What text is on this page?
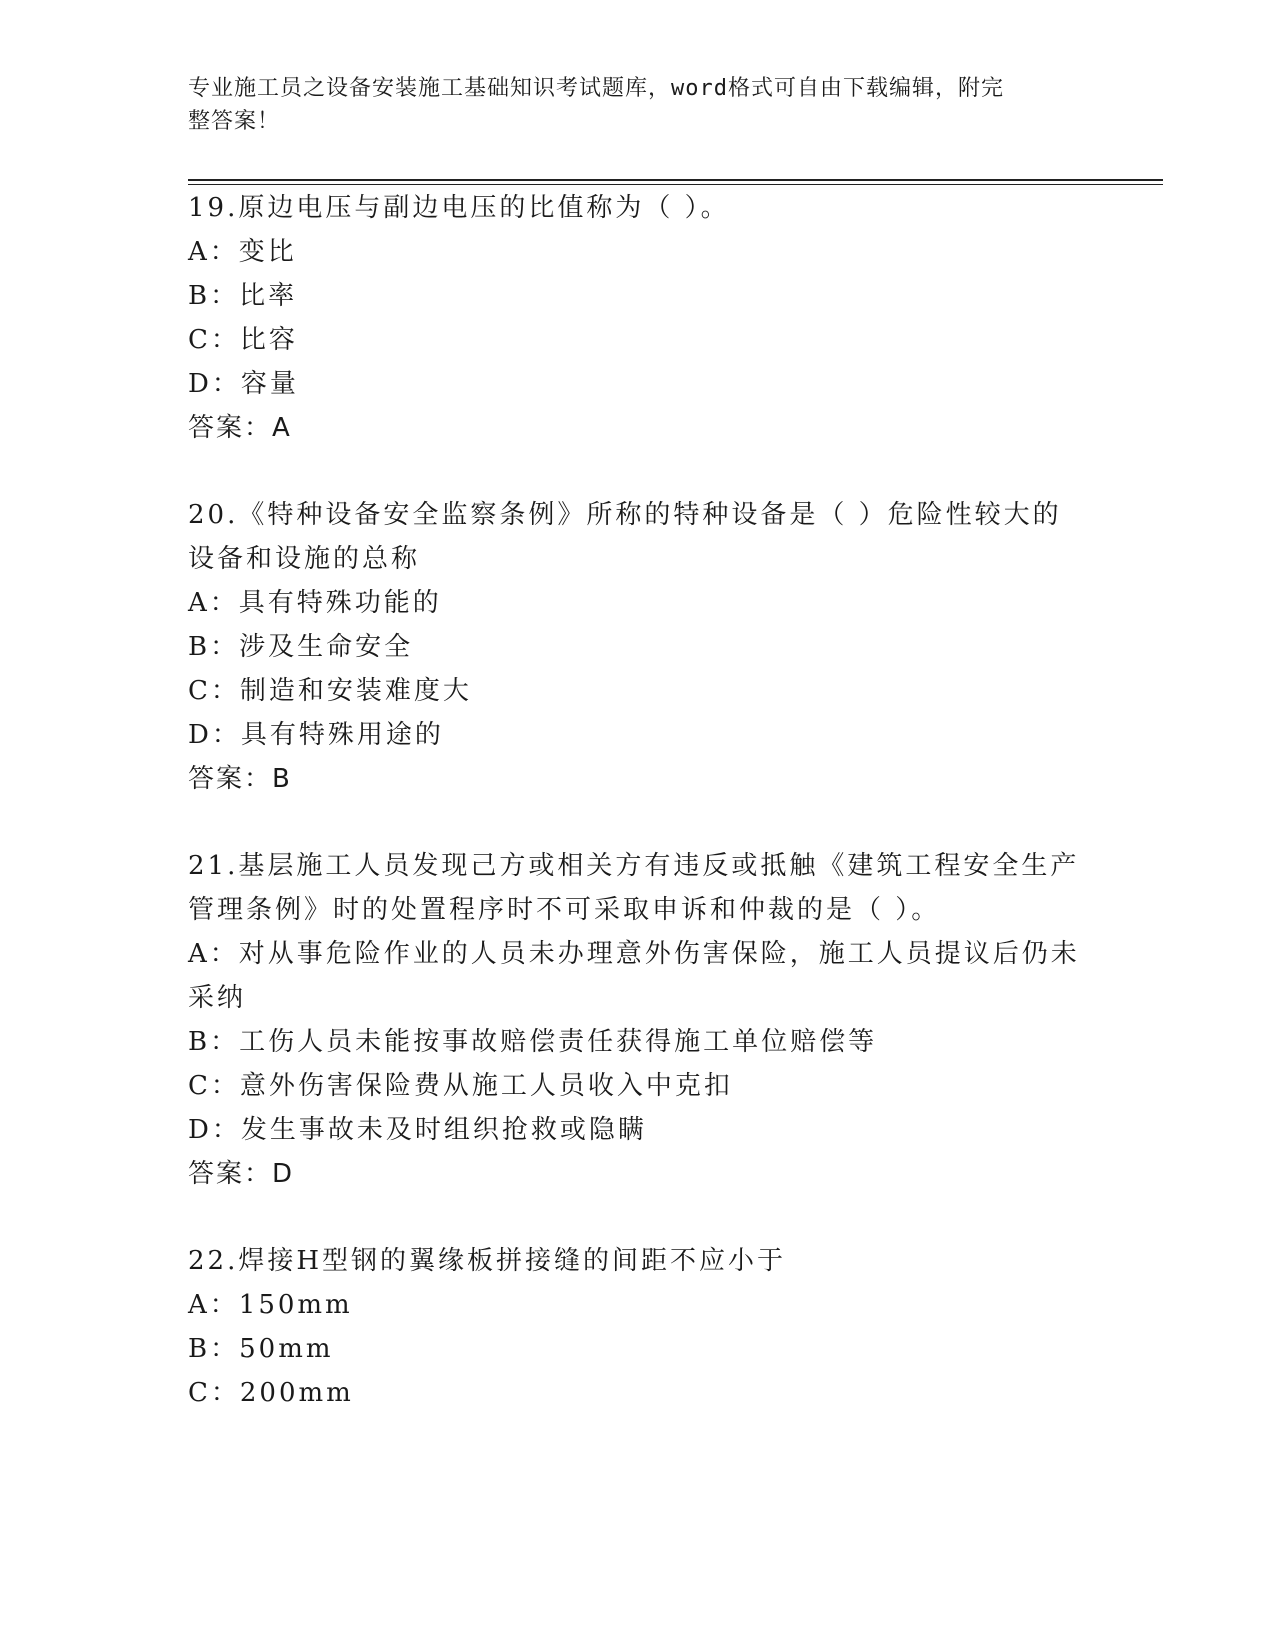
专业施工员之设备安装施工基础知识考试题库，word格式可自由下载编辑，附完
整答案！
19.原边电压与副边电压的比值称为（ ）。
A：变比
B：比率
C：比容
D：容量
答案：A
20.《特种设备安全监察条例》所称的特种设备是（ ）危险性较大的
设备和设施的总称
A：具有特殊功能的
B：涉及生命安全
C：制造和安装难度大
D：具有特殊用途的
答案：B
21.基层施工人员发现己方或相关方有违反或抵触《建筑工程安全生产
管理条例》时的处置程序时不可采取申诉和仲裁的是（ ）。
A：对从事危险作业的人员未办理意外伤害保险，施工人员提议后仍未
采纳
B：工伤人员未能按事故赔偿责任获得施工单位赔偿等
C：意外伤害保险费从施工人员收入中克扣
D：发生事故未及时组织抢救或隐瞒
答案：D
22.焊接H型钢的翼缘板拼接缝的间距不应小于
A：150mm
B：50mm
C：200mm
